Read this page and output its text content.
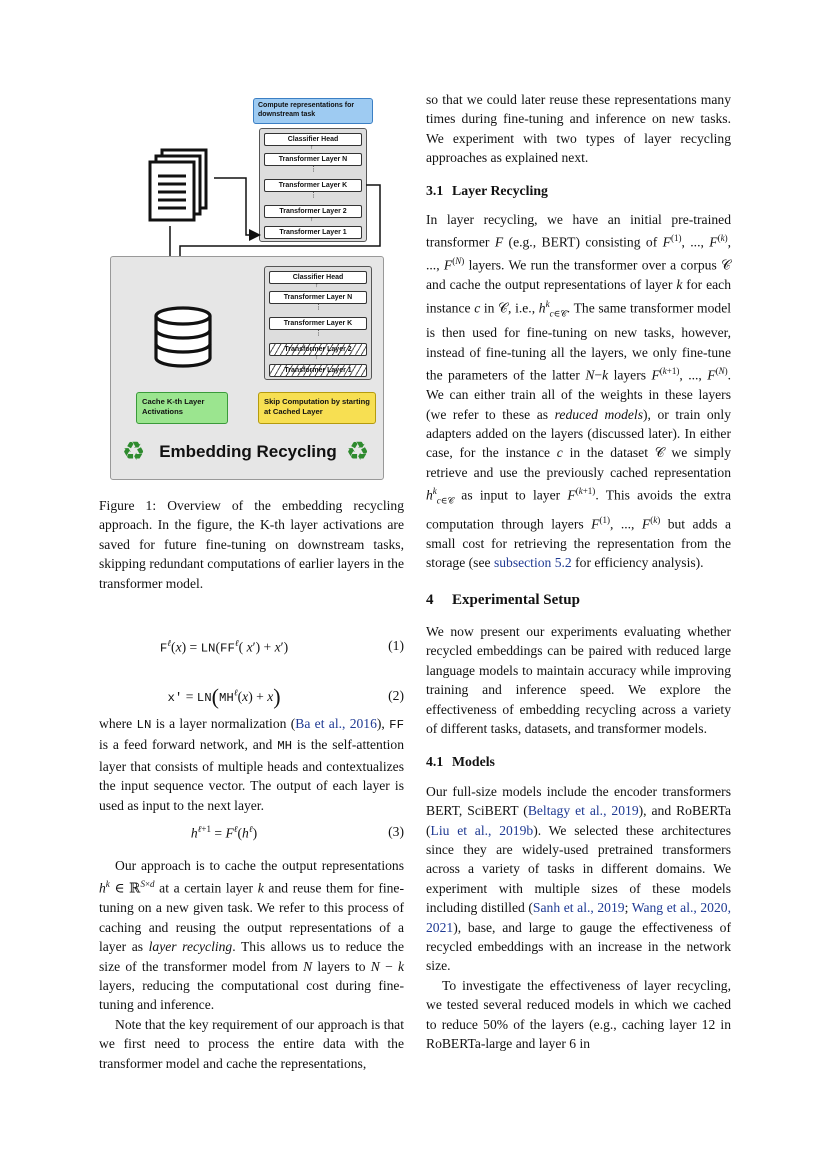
Compute representations for downstream task
Classifier Head
↑
Transformer Layer N
⋮
Transformer Layer K
⋮
Transformer Layer 2
↑
Transformer Layer 1
Classifier Head
↑
Transformer Layer N
⋮
Transformer Layer K
⋮
Transformer Layer 2
↑
Transformer Layer 1
Cache K-th Layer Activations
Skip Computation by starting at Cached Layer
♻ Embedding Recycling ♻
Figure 1: Overview of the embedding recycling approach. In the figure, the K-th layer activations are saved for future fine-tuning on downstream tasks, skipping redundant computations of earlier layers in the transformer model.
$F^\ell(x) = LN(FF^\ell$( x′) + x′)	(1)
$x' = LN(MH^\ell(x) + x)$	(2)

where LN is a layer normalization (Ba et al., 2016), FF is a feed forward network, and MH is the self-attention layer that consists of multiple heads and contextualizes the input sequence vector. The output of each layer is used as input to the next layer.

$h^{\ell+1} = F^\ell(h^\ell)$	(3)

Our approach is to cache the output representations $h^k$ ∈ ℝ$^{S\times d}$ at a certain layer k and reuse them for fine-tuning on a new given task. We refer to this process of caching and reusing the output representations of a layer as layer recycling. This allows us to reduce the size of the transformer model from N layers to N − k layers, reducing the computational cost during fine-tuning and inference.

Note that the key requirement of our approach is that we first need to process the entire data with the transformer model and cache the representations,

so that we could later reuse these representations many times during fine-tuning and inference on new tasks. We experiment with two types of layer recycling approaches as explained next.

3.1 Layer Recycling

In layer recycling, we have an initial pre-trained transformer F (e.g., BERT) consisting of $F^{(1)}$, ..., $F^{(k)}$, ..., $F^{(N)}$ layers. We run the transformer over a corpus 𝒞 and cache the output representations of layer k for each instance c in 𝒞, i.e., $h^k_{c\in 𝒞}$. The same transformer model is then used for fine-tuning on new tasks, however, instead of fine-tuning all the layers, we only fine-tune the parameters of the latter N−k layers $F^{(k+1)}$, ..., $F^{(N)}$. We can either train all of the weights in these layers (we refer to these as reduced models), or train only adapters added on the layers (discussed later). In either case, for the instance c in the dataset 𝒞 we simply retrieve and use the previously cached representation $h^k_{c\in 𝒞}$ as input to layer $F^{(k+1)}$. This avoids the extra computation through layers $F^{(1)}$, ..., $F^{(k)}$ but adds a small cost for retrieving the representation from the storage (see subsection 5.2 for efficiency analysis).

4 Experimental Setup

We now present our experiments evaluating whether recycled embeddings can be paired with reduced large language models to maintain accuracy while improving training and inference speed. We explore the effectiveness of embedding recycling across a variety of different tasks, datasets, and transformer models.

4.1 Models

Our full-size models include the encoder transformers BERT, SciBERT (Beltagy et al., 2019), and RoBERTa (Liu et al., 2019b). We selected these architectures since they are widely-used pretrained transformers across a variety of tasks in different domains. We experiment with multiple sizes of these models including distilled (Sanh et al., 2019; Wang et al., 2020, 2021), base, and large to gauge the effectiveness of recycled embeddings with an increase in the network size.

To investigate the effectiveness of layer recycling, we tested several reduced models in which we cached to reduce 50% of the layers (e.g., caching layer 12 in RoBERTa-large and layer 6 in
